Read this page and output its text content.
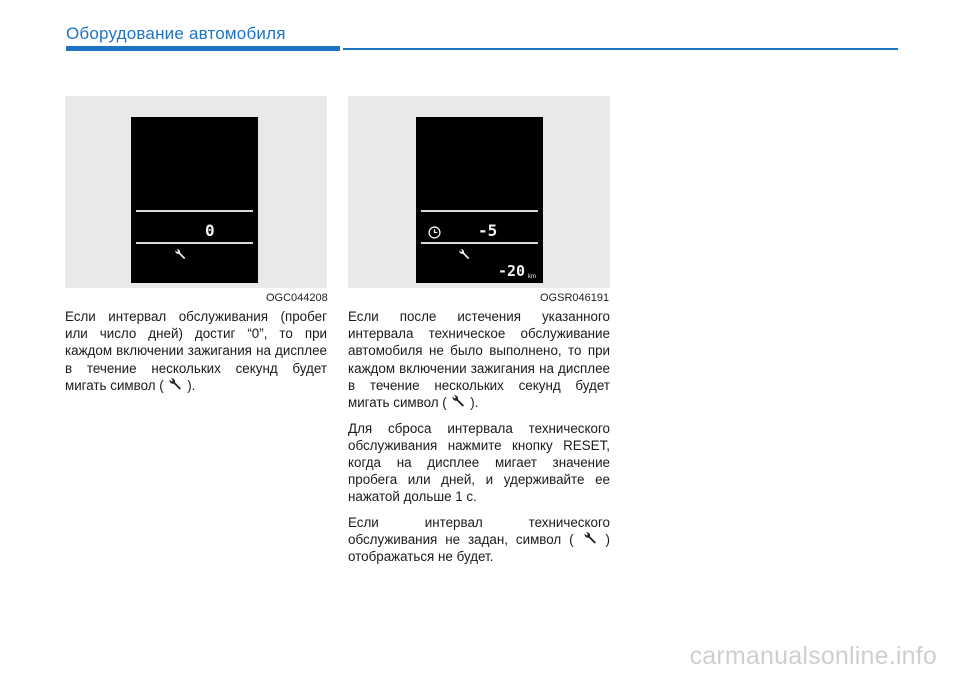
Оборудование автомобиля
0
OGC044208
-5
-20 km
OGSR046191

Если интервал обслуживания (пробег или число дней) достиг “0”, то при каждом включении зажигания на дисплее в течение нескольких секунд будет мигать символ ( ).

Если после истечения указанного интервала техническое обслуживание автомобиля не было выполнено, то при каждом включении зажигания на дисплее в течение нескольких секунд будет мигать символ ( ).

Для сброса интервала технического обслуживания нажмите кнопку RESET, когда на дисплее мигает значение пробега или дней, и удерживайте ее нажатой дольше 1 с.

Если интервал технического обслуживания не задан, символ ( ) отображаться не будет.

carmanualsonline.info
